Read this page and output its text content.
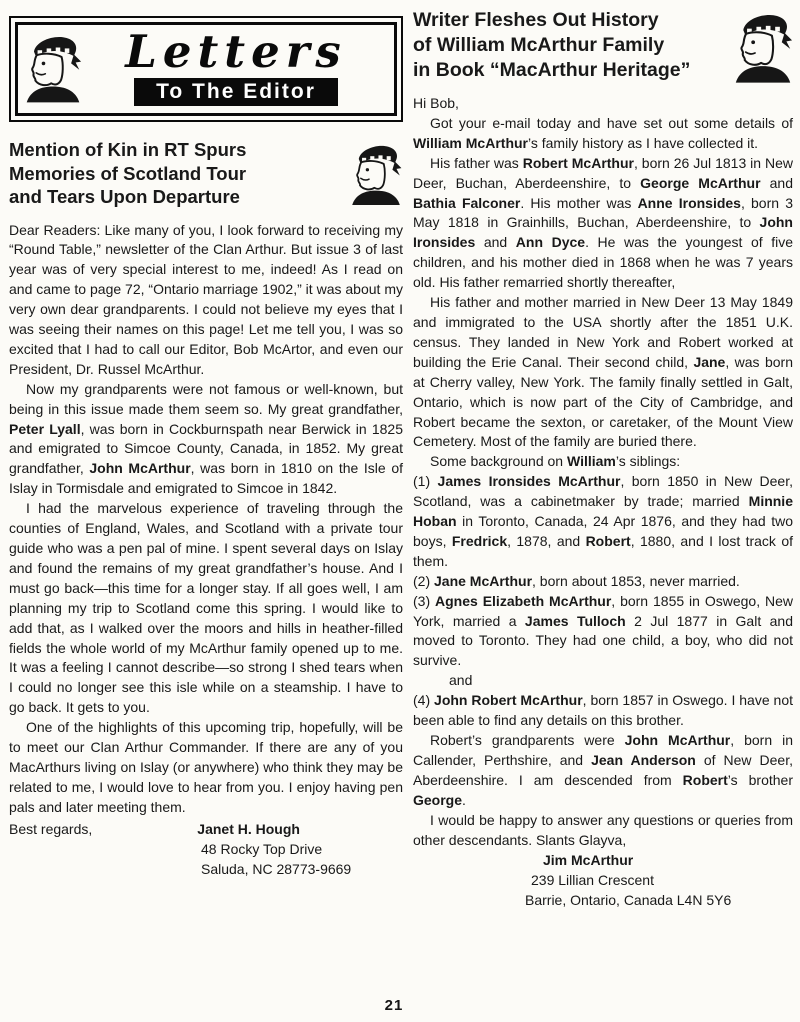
Letters
To The Editor

Mention of Kin in RT Spurs

Memories of Scotland Tour

and Tears Upon Departure

Dear Readers: Like many of you, I look forward to receiving my “Round Table,” newsletter of the Clan Arthur. But issue 3 of last year was of very special interest to me, indeed! As I read on and came to page 72, “Ontario marriage 1902,” it was about my very own dear grandparents. I could not believe my eyes that I was seeing their names on this page! Let me tell you, I was so excited that I had to call our Editor, Bob McArtor, and even our President, Dr. Russel McArthur.

Now my grandparents were not famous or well-known, but being in this issue made them seem so. My great grandfather, Peter Lyall, was born in Cockburnspath near Berwick in 1825 and emigrated to Simcoe County, Canada, in 1852. My great grandfather, John McArthur, was born in 1810 on the Isle of Islay in Tormisdale and emigrated to Simcoe in 1842.

I had the marvelous experience of traveling through the counties of England, Wales, and Scotland with a private tour guide who was a pen pal of mine. I spent several days on Islay and found the remains of my great grandfather’s house. And I must go back—this time for a longer stay. If all goes well, I am planning my trip to Scotland come this spring. I would like to add that, as I walked over the moors and hills in heather-filled fields the whole world of my McArthur family opened up to me. It was a feeling I cannot describe—so strong I shed tears when I could no longer see this isle while on a steamship. I have to go back. It gets to you.

One of the highlights of this upcoming trip, hopefully, will be to meet our Clan Arthur Commander. If there are any of you MacArthurs living on Islay (or anywhere) who think they may be related to me, I would love to hear from you. I enjoy having pen pals and later meeting them.

Best regards,	Janet H. Hough

48 Rocky Top Drive

Saluda, NC 28773-9669

Writer Fleshes Out History

of William McArthur Family

in Book “MacArthur Heritage”

Hi Bob,

Got your e-mail today and have set out some details of William McArthur’s family history as I have collected it.

His father was Robert McArthur, born 26 Jul 1813 in New Deer, Buchan, Aberdeenshire, to George McArthur and Bathia Falconer. His mother was Anne Ironsides, born 3 May 1818 in Grainhills, Buchan, Aberdeenshire, to John Ironsides and Ann Dyce. He was the youngest of five children, and his mother died in 1868 when he was 7 years old. His father remarried shortly thereafter,

His father and mother married in New Deer 13 May 1849 and immigrated to the USA shortly after the 1851 U.K. census. They landed in New York and Robert worked at building the Erie Canal. Their second child, Jane, was born at Cherry valley, New York. The family finally settled in Galt, Ontario, which is now part of the City of Cambridge, and Robert became the sexton, or caretaker, of the Mount View Cemetery. Most of the family are buried there.

Some background on William’s siblings:

(1) James Ironsides McArthur, born 1850 in New Deer, Scotland, was a cabinetmaker by trade; married Minnie Hoban in Toronto, Canada, 24 Apr 1876, and they had two boys, Fredrick, 1878, and Robert, 1880, and I lost track of them.

(2) Jane McArthur, born about 1853, never married.

(3) Agnes Elizabeth McArthur, born 1855 in Oswego, New York, married a James Tulloch 2 Jul 1877 in Galt and moved to Toronto. They had one child, a boy, who did not survive.

and

(4) John Robert McArthur, born 1857 in Oswego. I have not been able to find any details on this brother.

Robert’s grandparents were John McArthur, born in Callender, Perthshire, and Jean Anderson of New Deer, Aberdeenshire. I am descended from Robert’s brother George.

I would be happy to answer any questions or queries from other descendants. Slants Glayva,

Jim McArthur

239 Lillian Crescent

Barrie, Ontario, Canada L4N 5Y6

21
